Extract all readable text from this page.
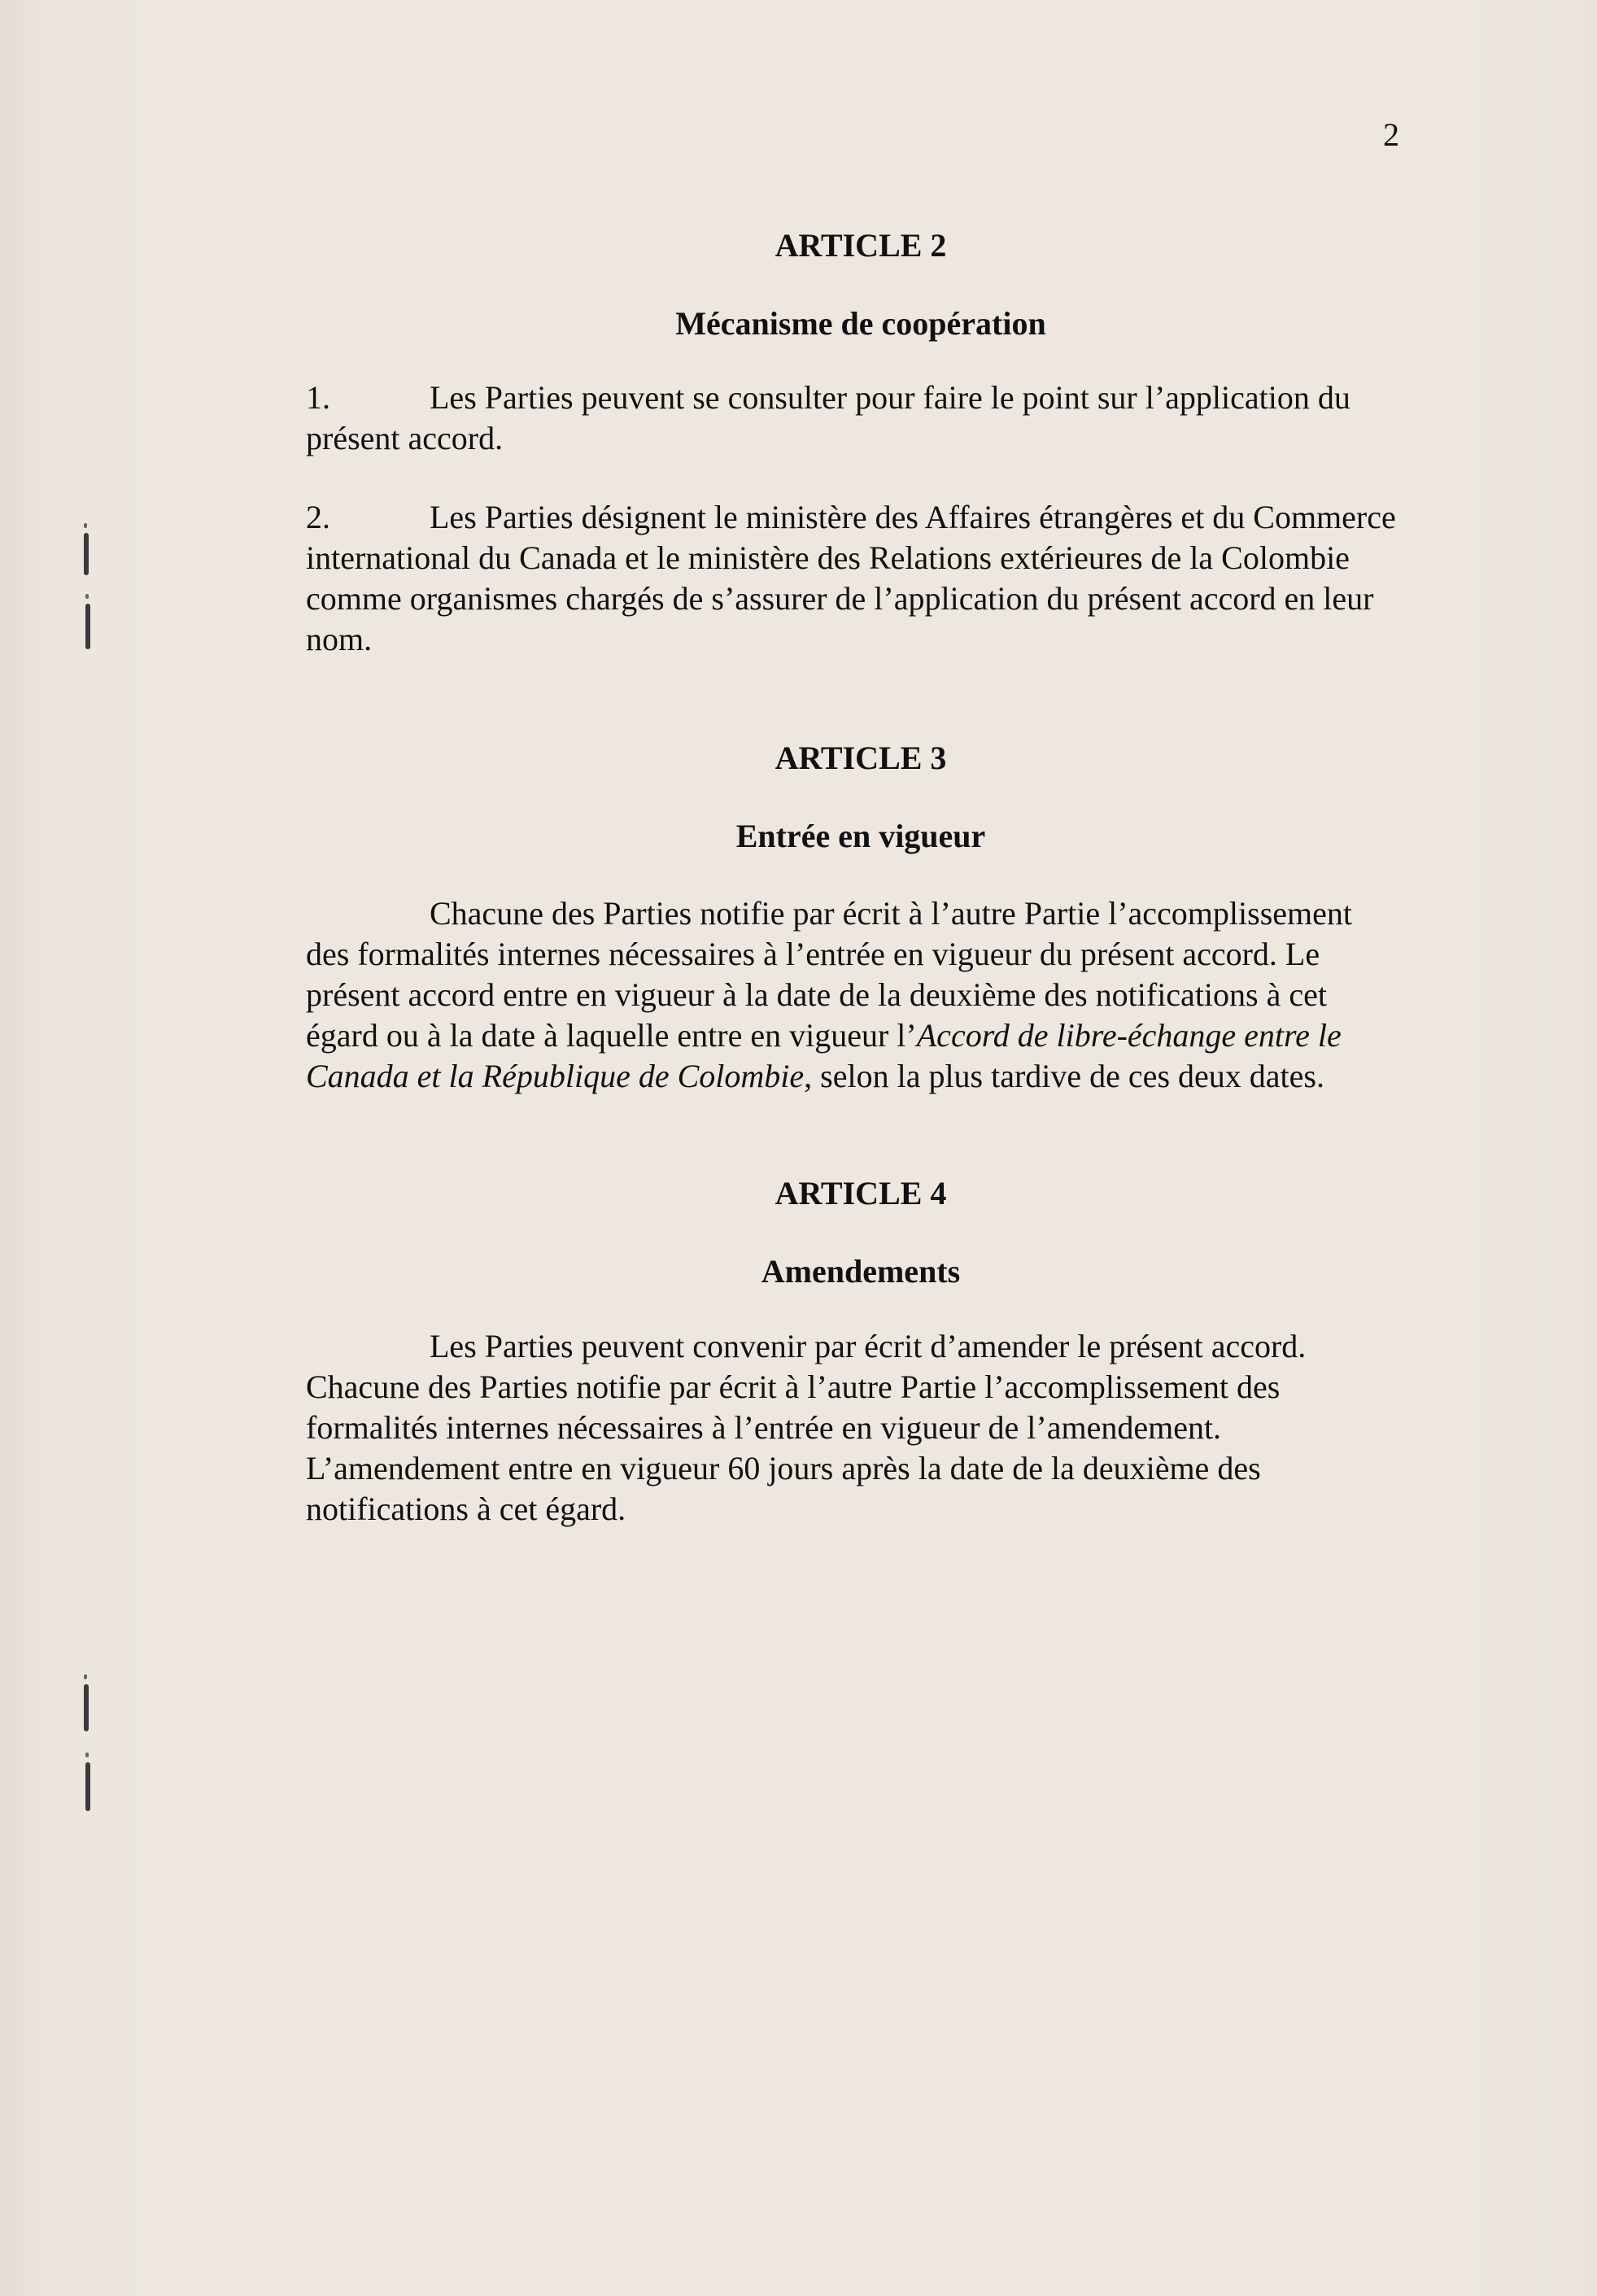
2
ARTICLE 2
Mécanisme de coopération
1.	Les Parties peuvent se consulter pour faire le point sur l’application du présent accord.
2.	Les Parties désignent le ministère des Affaires étrangères et du Commerce international du Canada et le ministère des Relations extérieures de la Colombie comme organismes chargés de s’assurer de l’application du présent accord en leur nom.
ARTICLE 3
Entrée en vigueur
Chacune des Parties notifie par écrit à l’autre Partie l’accomplissement des formalités internes nécessaires à l’entrée en vigueur du présent accord. Le présent accord entre en vigueur à la date de la deuxième des notifications à cet égard ou à la date à laquelle entre en vigueur l’Accord de libre-échange entre le Canada et la République de Colombie, selon la plus tardive de ces deux dates.
ARTICLE 4
Amendements
Les Parties peuvent convenir par écrit d’amender le présent accord. Chacune des Parties notifie par écrit à l’autre Partie l’accomplissement des formalités internes nécessaires à l’entrée en vigueur de l’amendement. L’amendement entre en vigueur 60 jours après la date de la deuxième des notifications à cet égard.
